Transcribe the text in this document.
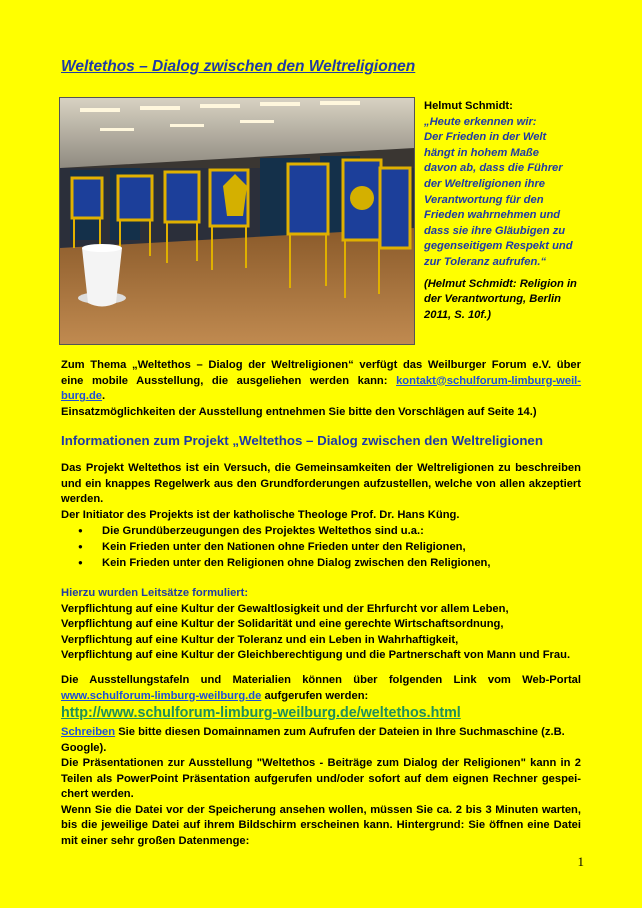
Weltethos – Dialog zwischen den Weltreligionen
Helmut Schmidt:
„Heute erkennen wir:
Der Frieden in der Welt
hängt in hohem Maße
davon ab, dass die Führer
der Weltreligionen ihre
Verantwortung für den
Frieden wahrnehmen und
dass sie ihre Gläubigen zu
gegenseitigem Respekt und
zur Toleranz aufrufen.“
(Helmut Schmidt: Religion in
der Verantwortung, Berlin
2011, S. 10f.)
Zum Thema „Weltethos – Dialog der Weltreligionen“ verfügt das Weilburger Forum e.V. über
eine mobile Ausstellung, die ausgeliehen werden kann: kontakt@schulforum-limburg-weil-
burg.de.
Einsatzmöglichkeiten der Ausstellung entnehmen Sie bitte den Vorschlägen auf Seite 14.)
Informationen zum Projekt „Weltethos – Dialog zwischen den Weltreligionen
Das Projekt Weltethos ist ein Versuch, die Gemeinsamkeiten der Weltreligionen zu beschreiben
und ein knappes Regelwerk aus den Grundforderungen aufzustellen, welche von allen akzeptiert
werden.
Der Initiator des Projekts ist der katholische Theologe Prof. Dr. Hans Küng.
● Die Grundüberzeugungen des Projektes Weltethos sind u.a.:
● Kein Frieden unter den Nationen ohne Frieden unter den Religionen,
● Kein Frieden unter den Religionen ohne Dialog zwischen den Religionen,
Hierzu wurden Leitsätze formuliert:
Verpflichtung auf eine Kultur der Gewaltlosigkeit und der Ehrfurcht vor allem Leben,
Verpflichtung auf eine Kultur der Solidarität und eine gerechte Wirtschaftsordnung,
Verpflichtung auf eine Kultur der Toleranz und ein Leben in Wahrhaftigkeit,
Verpflichtung auf eine Kultur der Gleichberechtigung und die Partnerschaft von Mann und Frau.
Die Ausstellungstafeln und Materialien können über folgenden Link vom Web-Portal
www.schulforum-limburg-weilburg.de aufgerufen werden:
http://www.schulforum-limburg-weilburg.de/weltethos.html
Schreiben Sie bitte diesen Domainnamen zum Aufrufen der Dateien in Ihre Suchmaschine (z.B.
Google).
Die Präsentationen zur Ausstellung "Weltethos - Beiträge zum Dialog der Religionen" kann in 2
Teilen als PowerPoint Präsentation aufgerufen und/oder sofort auf dem eignen Rechner gespei-
chert werden.
Wenn Sie die Datei vor der Speicherung ansehen wollen, müssen Sie ca. 2 bis 3 Minuten warten,
bis die jeweilige Datei auf ihrem Bildschirm erscheinen kann. Hintergrund: Sie öffnen eine Datei
mit einer sehr großen Datenmenge:
1
